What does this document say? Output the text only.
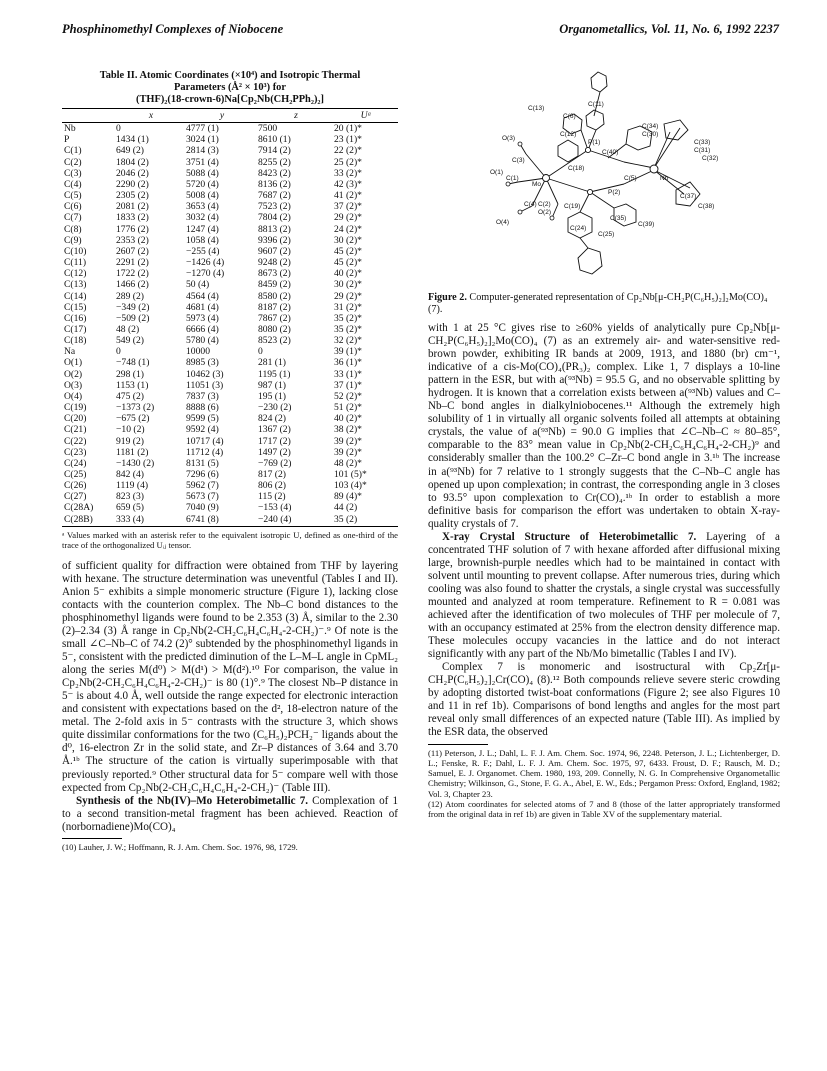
Phosphinomethyl Complexes of Niobocene	Organometallics, Vol. 11, No. 6, 1992 2237
Table II. Atomic Coordinates (×10⁴) and Isotropic Thermal
Parameters (Å² × 10³) for
(THF)₂(18-crown-6)Na[Cp₂Nb(CH₂PPh₂)₂]
	x	y	z	Uᵃ
Nb	0	4777 (1)	7500	20 (1)*
P	1434 (1)	3024 (1)	8610 (1)	23 (1)*
C(1)	649 (2)	2814 (3)	7914 (2)	22 (2)*
C(2)	1804 (2)	3751 (4)	8255 (2)	25 (2)*
C(3)	2046 (2)	5088 (4)	8423 (2)	33 (2)*
C(4)	2290 (2)	5720 (4)	8136 (2)	42 (3)*
C(5)	2305 (2)	5008 (4)	7687 (2)	41 (2)*
C(6)	2081 (2)	3653 (4)	7523 (2)	37 (2)*
C(7)	1833 (2)	3032 (4)	7804 (2)	29 (2)*
C(8)	1776 (2)	1247 (4)	8813 (2)	24 (2)*
C(9)	2353 (2)	1058 (4)	9396 (2)	30 (2)*
C(10)	2607 (2)	−255 (4)	9607 (2)	45 (2)*
C(11)	2291 (2)	−1426 (4)	9248 (2)	45 (2)*
C(12)	1722 (2)	−1270 (4)	8673 (2)	40 (2)*
C(13)	1466 (2)	50 (4)	8459 (2)	30 (2)*
C(14)	289 (2)	4564 (4)	8580 (2)	29 (2)*
C(15)	−349 (2)	4681 (4)	8187 (2)	31 (2)*
C(16)	−509 (2)	5973 (4)	7867 (2)	35 (2)*
C(17)	48 (2)	6666 (4)	8080 (2)	35 (2)*
C(18)	549 (2)	5780 (4)	8523 (2)	32 (2)*
Na	0	10000	0	39 (1)*
O(1)	−748 (1)	8985 (3)	281 (1)	36 (1)*
O(2)	298 (1)	10462 (3)	1195 (1)	33 (1)*
O(3)	1153 (1)	11051 (3)	987 (1)	37 (1)*
O(4)	475 (2)	7837 (3)	195 (1)	52 (2)*
C(19)	−1373 (2)	8888 (6)	−230 (2)	51 (2)*
C(20)	−675 (2)	9599 (5)	824 (2)	40 (2)*
C(21)	−10 (2)	9592 (4)	1367 (2)	38 (2)*
C(22)	919 (2)	10717 (4)	1717 (2)	39 (2)*
C(23)	1181 (2)	11712 (4)	1497 (2)	39 (2)*
C(24)	−1430 (2)	8131 (5)	−769 (2)	48 (2)*
C(25)	842 (4)	7296 (6)	817 (2)	101 (5)*
C(26)	1119 (4)	5962 (7)	806 (2)	103 (4)*
C(27)	823 (3)	5673 (7)	115 (2)	89 (4)*
C(28A)	659 (5)	7040 (9)	−153 (4)	44 (2)
C(28B)	333 (4)	6741 (8)	−240 (4)	35 (2)
ᵃ Values marked with an asterisk refer to the equivalent isotropic U, defined as one-third of the trace of the orthogonalized Uᵢⱼ tensor.

of sufficient quality for diffraction were obtained from THF by layering with hexane. The structure determination was uneventful (Tables I and II). Anion 5⁻ exhibits a simple monomeric structure (Figure 1), lacking close contacts with the counterion complex. The Nb–C bond distances to the phosphinomethyl ligands were found to be 2.353 (3) Å, similar to the 2.30 (2)–2.34 (3) Å range in Cp₂Nb(2-CH₂C₆H₄C₆H₄-2-CH₂)⁻.⁹ Of note is the small ∠C–Nb–C of 74.2 (2)° subtended by the phosphinomethyl ligands in 5⁻, consistent with the predicted diminution of the L–M–L angle in CpML₂ along the series M(d⁰) > M(d¹) > M(d²).¹⁰ For comparison, the value in Cp₂Nb(2-CH₂C₆H₄C₆H₄-2-CH₂)⁻ is 80 (1)°.⁹ The closest Nb–P distance in 5⁻ is about 4.0 Å, well outside the range expected for electronic interaction and consistent with expectations based on the d², 18-electron nature of the metal. The 2-fold axis in 5⁻ contrasts with the structure 3, which shows quite dissimilar conformations for the two (C₆H₅)₂PCH₂⁻ ligands about the d⁰, 16-electron Zr in the solid state, and Zr–P distances of 3.64 and 3.70 Å.¹ᵇ The structure of the cation is virtually superimposable with that previously reported.⁹ Other structural data for 5⁻ compare well with those expected from Cp₂Nb(2-CH₂C₆H₄C₆H₄-2-CH₂)⁻ (Table III).

Synthesis of the Nb(IV)–Mo Heterobimetallic 7. Complexation of 1 to a second transition-metal fragment has been achieved. Reaction of (norbornadiene)Mo(CO)₄

(10) Lauher, J. W.; Hoffmann, R. J. Am. Chem. Soc. 1976, 98, 1729.

C(13)
C(6)
C(11)
O(3)
C(12)
P(1)
C(40)
C(34)
C(30)
C(33)
C(31)
C(32)
C(3)
O(1)
C(1)
Mo
C(18)
C(5)	Nb
P(2)
C(37)
C(38)
C(4) C(2) C(19)
O(2)
O(4)
C(24)
C(35)
C(39)
C(25)
Figure 2. Computer-generated representation of Cp₂Nb[μ-CH₂P(C₆H₅)₂]₂Mo(CO)₄ (7).

with 1 at 25 °C gives rise to ≥60% yields of analytically pure Cp₂Nb[μ-CH₂P(C₆H₅)₂]₂Mo(CO)₄ (7) as an extremely air- and water-sensitive red-brown powder, exhibiting IR bands at 2009, 1913, and 1880 (br) cm⁻¹, indicative of a cis-Mo(CO)₄(PR₃)₂ complex. Like 1, 7 displays a 10-line pattern in the ESR, but with a(⁹³Nb) = 95.5 G, and no observable splitting by hydrogen. It is known that a correlation exists between a(⁹³Nb) values and C–Nb–C bond angles in dialkylniobocenes.¹¹ Although the extremely high solubility of 1 in virtually all organic solvents foiled all attempts at obtaining crystals, the value of a(⁹³Nb) = 90.0 G implies that ∠C–Nb–C ≈ 80–85°, comparable to the 83° mean value in Cp₂Nb(2-CH₂C₆H₄C₆H₄-2-CH₂)⁹ and considerably smaller than the 100.2° C–Zr–C bond angle in 3.¹ᵇ The increase in a(⁹³Nb) for 7 relative to 1 strongly suggests that the C–Nb–C angle has opened up upon complexation; in contrast, the corresponding angle in 3 closes to 93.5° upon complexation to Cr(CO)₄.¹ᵇ In order to establish a more definitive basis for comparison the effort was undertaken to obtain X-ray-quality crystals of 7.

X-ray Crystal Structure of Heterobimetallic 7. Layering of a concentrated THF solution of 7 with hexane afforded after diffusional mixing large, brownish-purple needles which had to be maintained in contact with solvent until mounting to prevent collapse. After numerous tries, during which cooling was also found to shatter the crystals, a single crystal was successfully mounted and analyzed at room temperature. Refinement to R = 0.081 was achieved after the identification of two molecules of THF per molecule of 7, with an occupancy estimated at 25% from the electron density difference map. These molecules occupy vacancies in the lattice and do not interact significantly with any part of the Nb/Mo bimetallic (Tables I and IV).

Complex 7 is monomeric and isostructural with Cp₂Zr[μ-CH₂P(C₆H₅)₂]₂Cr(CO)₄ (8).¹² Both compounds relieve severe steric crowding by adopting distorted twist-boat conformations (Figure 2; see also Figures 10 and 11 in ref 1b). Comparisons of bond lengths and angles for the most part reveal only small differences of an expected nature (Table III). As implied by the ESR data, the observed

(11) Peterson, J. L.; Dahl, L. F. J. Am. Chem. Soc. 1974, 96, 2248. Peterson, J. L.; Lichtenberger, D. L.; Fenske, R. F.; Dahl, L. F. J. Am. Chem. Soc. 1975, 97, 6433. Froust, D. F.; Rausch, M. D.; Samuel, E. J. Organomet. Chem. 1980, 193, 209. Connelly, N. G. In Comprehensive Organometallic Chemistry; Wilkinson, G., Stone, F. G. A., Abel, E. W., Eds.; Pergamon Press: Oxford, England, 1982; Vol. 3, Chapter 23.

(12) Atom coordinates for selected atoms of 7 and 8 (those of the latter appropriately transformed from the original data in ref 1b) are given in Table XV of the supplementary material.
